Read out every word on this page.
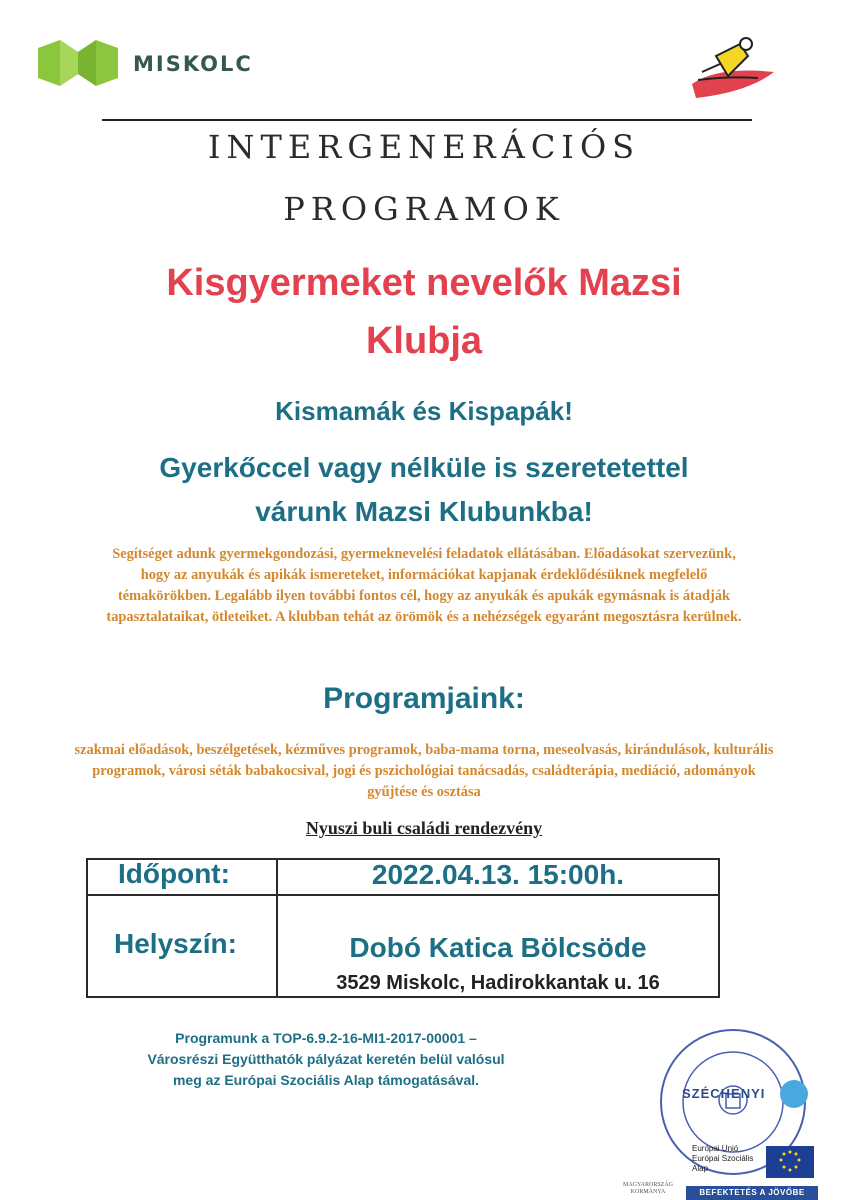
MISKOLC
INTERGENERÁCIÓS
PROGRAMOK
Kisgyermeket nevelők Mazsi
Klubja
Kismamák és Kispapák!
Gyerkőccel vagy nélküle is szeretetettel
várunk Mazsi Klubunkba!
Segítséget adunk gyermekgondozási, gyermeknevelési feladatok ellátásában. Előadásokat szervezünk, hogy az anyukák és apikák ismereteket, információkat kapjanak érdeklődésüknek megfelelő témakörökben. Legalább ilyen további fontos cél, hogy az anyukák és apukák egymásnak is átadják tapasztalataikat, ötleteiket. A klubban tehát az örömök és a nehézségek egyaránt megosztásra kerülnek.
Programjaink:
szakmai előadások, beszélgetések, kézműves programok, baba-mama torna, meseolvasás, kirándulások, kulturális programok, városi séták babakocsival, jogi és pszichológiai tanácsadás, családterápia, mediáció, adományok gyűjtése és osztása
Nyuszi buli családi rendezvény
Időpont:	2022.04.13. 15:00h.
Helyszín:	Dobó Katica Bölcsöde
3529 Miskolc, Hadirokkantak u. 16
Programunk a TOP-6.9.2-16-MI1-2017-00001 –
Városrészi Együtthatók pályázat keretén belül valósul
meg az Európai Szociális Alap támogatásával.
SZÉCHENYI
Európai Unió
Európai Szociális
Alap
BEFEKTETÉS A JÖVŐBE
MAGYARORSZÁG KORMÁNYA
